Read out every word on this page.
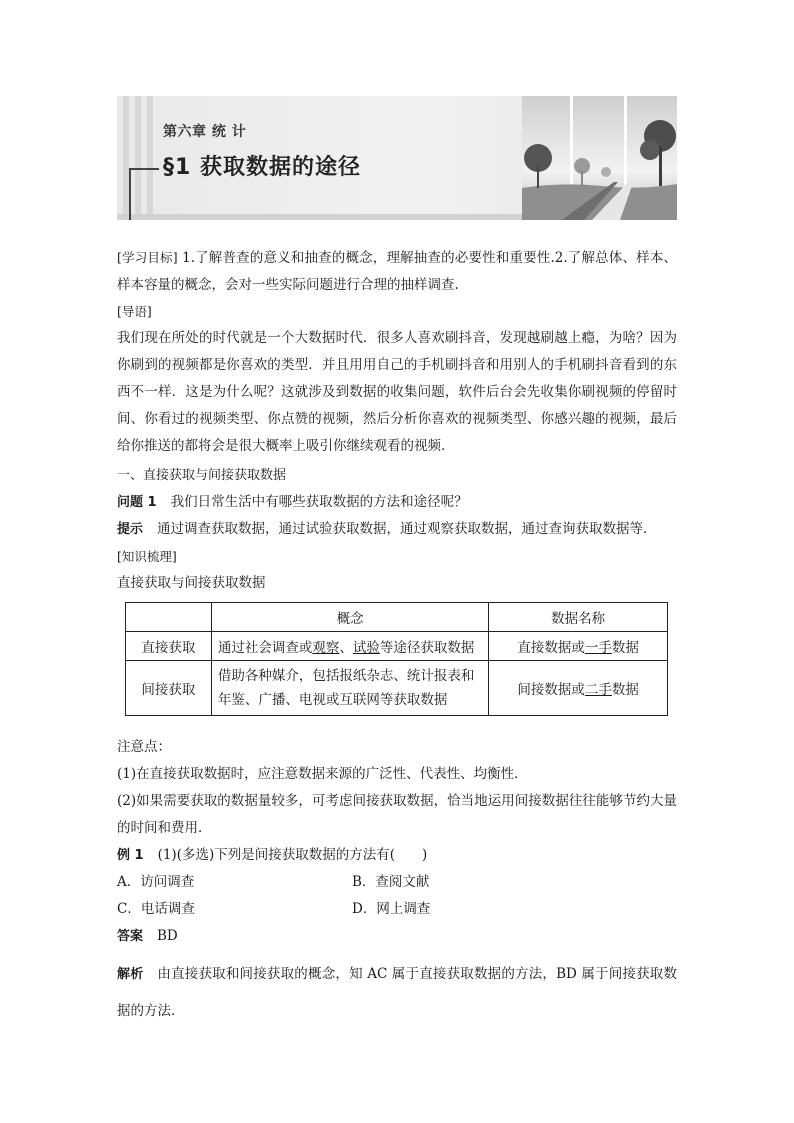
第六章 统 计
§1 获取数据的途径

[学习目标] 1.了解普查的意义和抽查的概念，理解抽查的必要性和重要性.2.了解总体、样本、样本容量的概念，会对一些实际问题进行合理的抽样调查.

[导语]

我们现在所处的时代就是一个大数据时代．很多人喜欢刷抖音，发现越刷越上瘾，为啥？因为你刷到的视频都是你喜欢的类型．并且用用自己的手机刷抖音和用别人的手机刷抖音看到的东西不一样．这是为什么呢？这就涉及到数据的收集问题，软件后台会先收集你刷视频的停留时间、你看过的视频类型、你点赞的视频，然后分析你喜欢的视频类型、你感兴趣的视频，最后给你推送的都将会是很大概率上吸引你继续观看的视频．

一、直接获取与间接获取数据

问题 1 我们日常生活中有哪些获取数据的方法和途径呢？

提示 通过调查获取数据，通过试验获取数据，通过观察获取数据，通过查询获取数据等．

[知识梳理]

直接获取与间接获取数据

	概念	数据名称
直接获取	通过社会调查或观察、试验等途径获取数据	直接数据或一手数据
间接获取	借助各种媒介，包括报纸杂志、统计报表和年鉴、广播、电视或互联网等获取数据	间接数据或二手数据

注意点：

(1)在直接获取数据时，应注意数据来源的广泛性、代表性、均衡性．

(2)如果需要获取的数据量较多，可考虑间接获取数据，恰当地运用间接数据往往能够节约大量的时间和费用．

例 1 (1)(多选)下列是间接获取数据的方法有(　　)

A．访问调查	B．查阅文献
C．电话调查	D．网上调查

答案 BD

解析 由直接获取和间接获取的概念，知 AC 属于直接获取数据的方法，BD 属于间接获取数据的方法．
